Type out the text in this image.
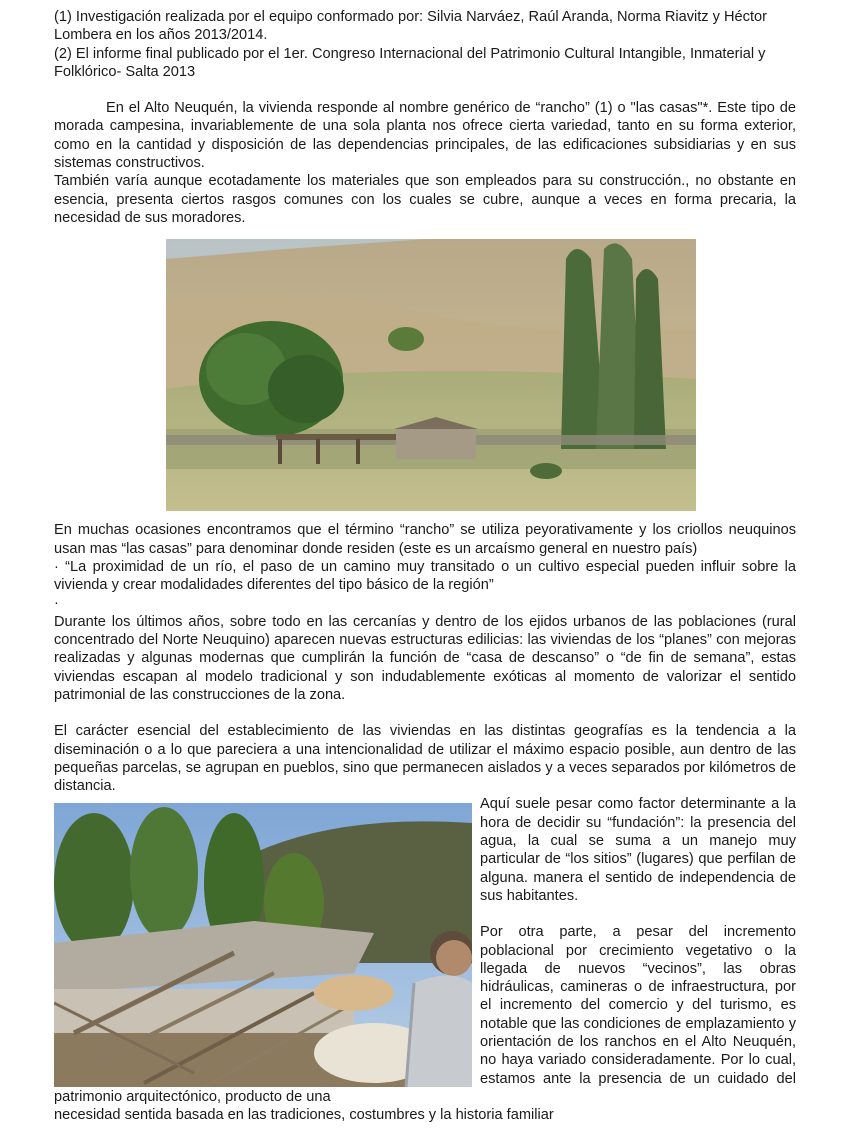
(1) Investigación realizada por el equipo conformado por: Silvia Narváez, Raúl Aranda, Norma Riavitz y Héctor Lombera en los años 2013/2014.

(2) El informe final publicado por el 1er. Congreso Internacional del Patrimonio Cultural Intangible, Inmaterial y Folklórico- Salta 2013

En el Alto Neuquén, la vivienda responde al nombre genérico de “rancho” (1) o "las casas"*. Este tipo de morada campesina, invariablemente de una sola planta nos ofrece cierta variedad, tanto en su forma exterior, como en la cantidad y disposición de las dependencias principales, de las edificaciones subsidiarias y en sus sistemas constructivos.

También varía aunque ecotadamente los materiales que son empleados para su construcción., no obstante en esencia, presenta ciertos rasgos comunes con los cuales se cubre, aunque a veces en forma precaria, la necesidad de sus moradores.

En muchas ocasiones encontramos que el término “rancho” se utiliza peyorativamente y los criollos neuquinos usan mas “las casas” para denominar donde residen (este es un arcaísmo general en nuestro país)

· “La proximidad de un río, el paso de un camino muy transitado o un cultivo especial pueden influir sobre la vivienda y crear modalidades diferentes del tipo básico de la región”

·

Durante los últimos años, sobre todo en las cercanías y dentro de los ejidos urbanos de las poblaciones (rural concentrado del Norte Neuquino) aparecen nuevas estructuras edilicias: las viviendas de los “planes” con mejoras realizadas y algunas modernas que cumplirán la función de “casa de descanso” o “de fin de semana”, estas viviendas escapan al modelo tradicional y son indudablemente exóticas al momento de valorizar el sentido patrimonial de las construcciones de la zona.

El carácter esencial del establecimiento de las viviendas en las distintas geografías es la tendencia a la diseminación o a lo que pareciera a una intencionalidad de utilizar el máximo espacio posible, aun dentro de las pequeñas parcelas, se agrupan en pueblos, sino que permanecen aislados y a veces separados por kilómetros de distancia.

Aquí suele pesar como factor determinante a la hora de decidir su “fundación”: la presencia del agua, la cual se suma a un manejo muy particular de “los sitios” (lugares) que perfilan de alguna. manera el sentido de independencia de sus habitantes.

Por otra parte, a pesar del incremento poblacional por crecimiento vegetativo o la llegada de nuevos “vecinos”, las obras hidráulicas, camineras o de infraestructura, por el incremento del comercio y del turismo, es notable que las condiciones de emplazamiento y orientación de los ranchos en el Alto Neuquén, no haya variado consideradamente. Por lo cual, estamos ante la presencia de un cuidado del patrimonio arquitectónico, producto de una

necesidad sentida basada en las tradiciones, costumbres y la historia familiar
